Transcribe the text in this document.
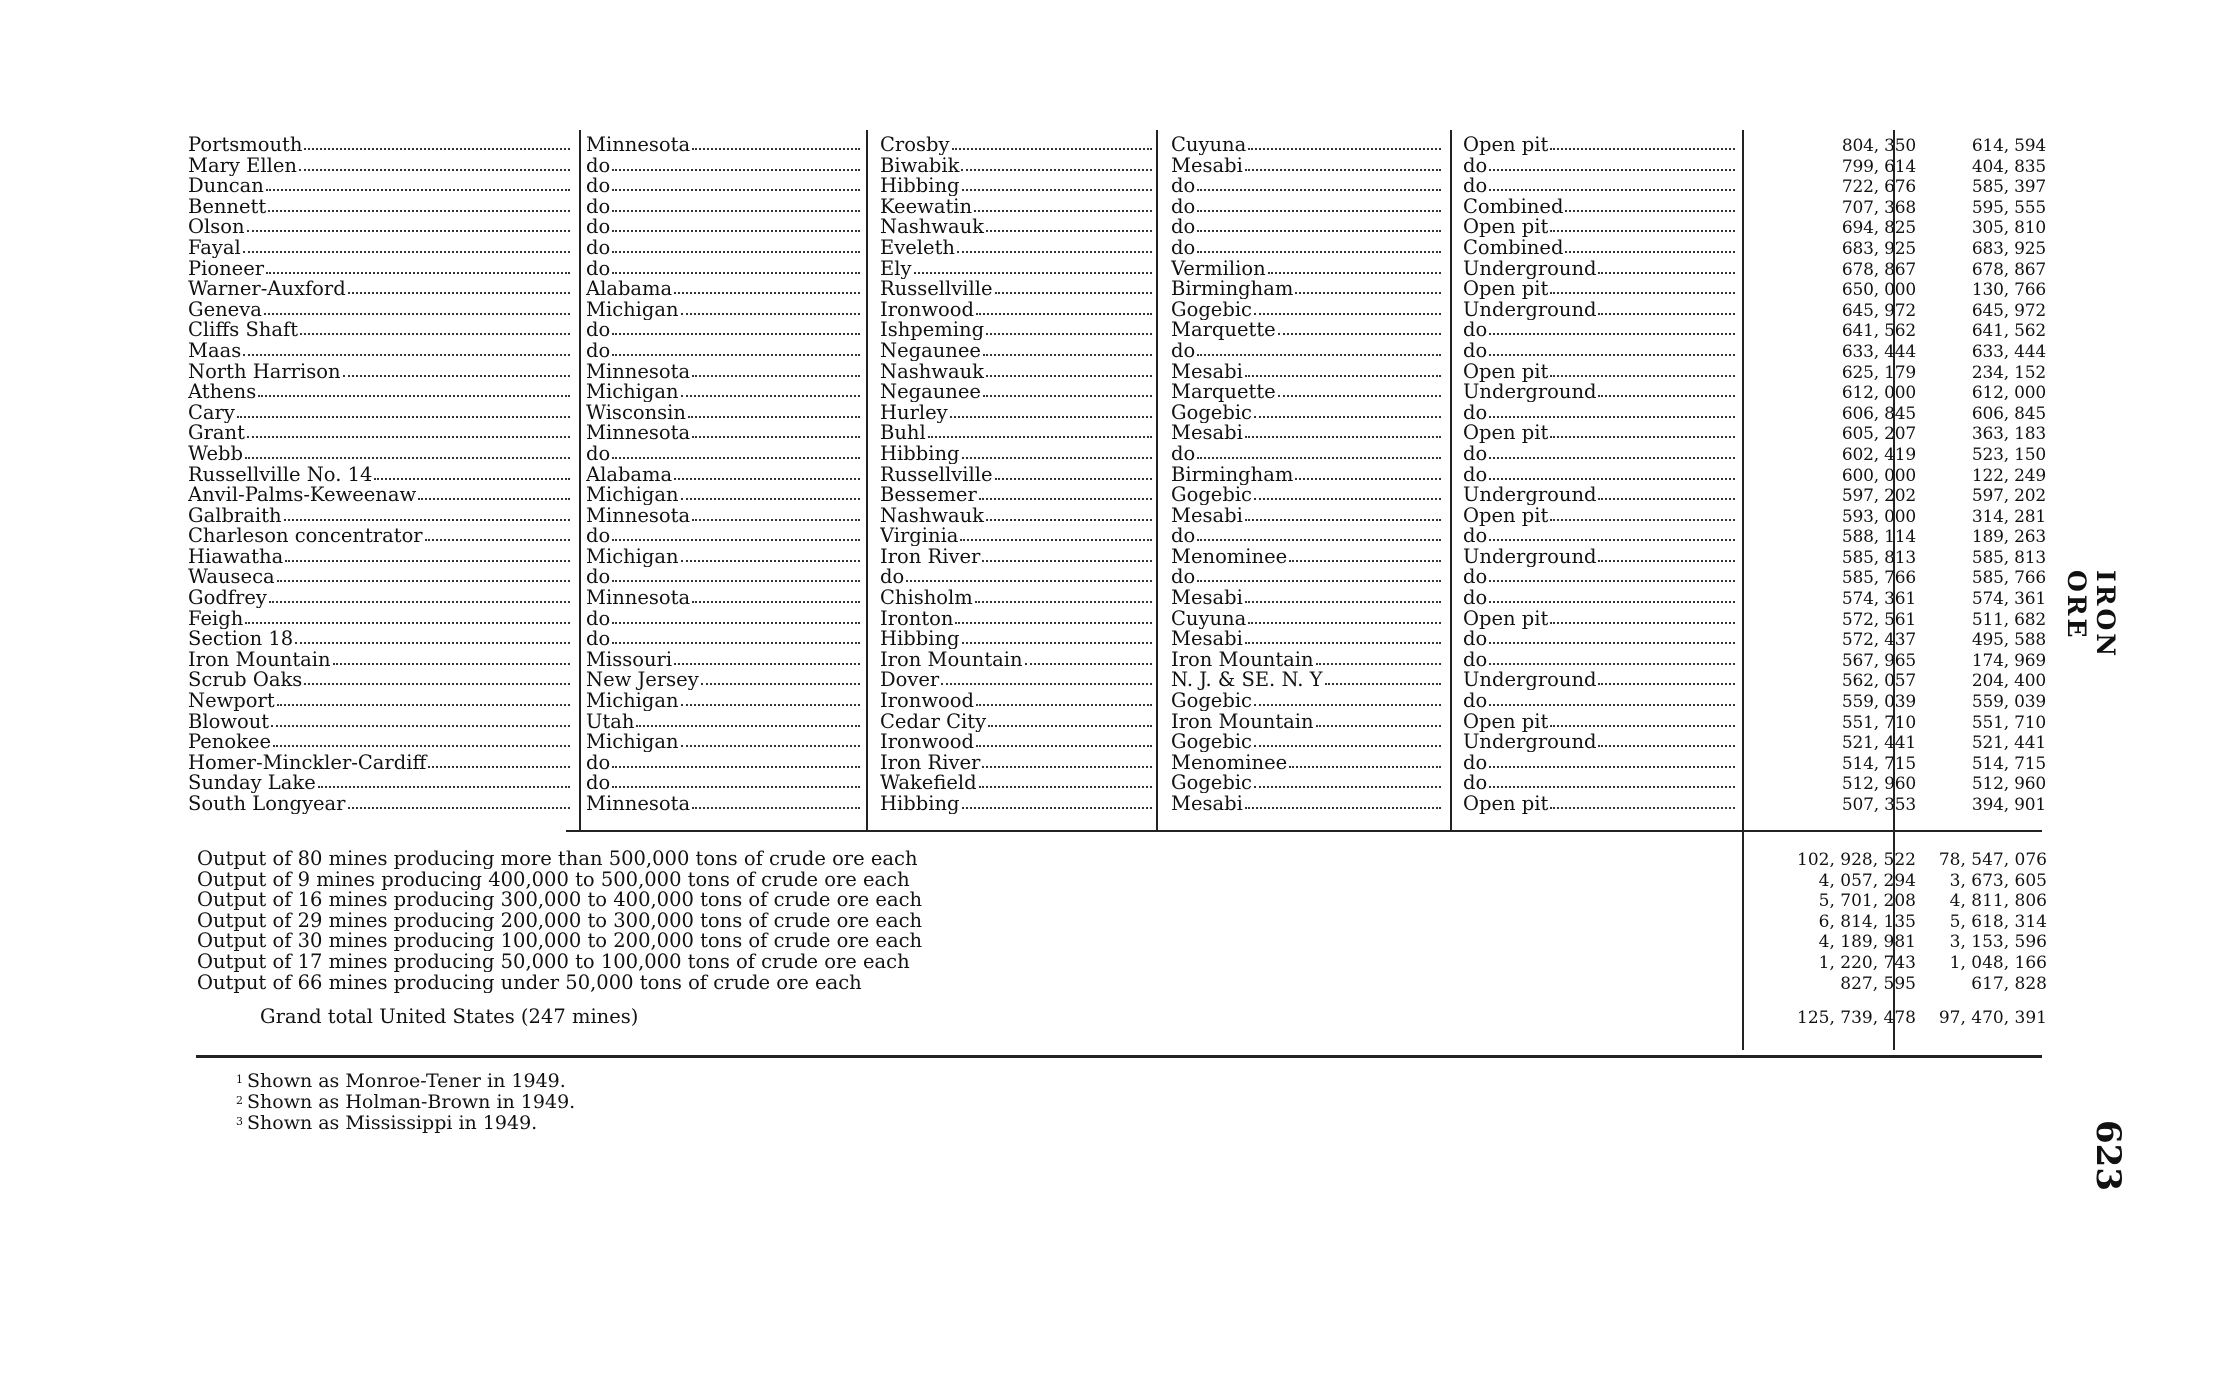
Portsmouth	Minnesota	Crosby	Cuyuna	Open pit	804, 350	614, 594
Mary Ellen	do	Biwabik	Mesabi	do	799, 614	404, 835
Duncan	do	Hibbing	do	do	722, 676	585, 397
Bennett	do	Keewatin	do	Combined	707, 368	595, 555
Olson	do	Nashwauk	do	Open pit	694, 825	305, 810
Fayal	do	Eveleth	do	Combined	683, 925	683, 925
Pioneer	do	Ely	Vermilion	Underground	678, 867	678, 867
Warner-Auxford	Alabama	Russellville	Birmingham	Open pit	650, 000	130, 766
Geneva	Michigan	Ironwood	Gogebic	Underground	645, 972	645, 972
Cliffs Shaft	do	Ishpeming	Marquette	do	641, 562	641, 562
Maas	do	Negaunee	do	do	633, 444	633, 444
North Harrison	Minnesota	Nashwauk	Mesabi	Open pit	625, 179	234, 152
Athens	Michigan	Negaunee	Marquette	Underground	612, 000	612, 000
Cary	Wisconsin	Hurley	Gogebic	do	606, 845	606, 845
Grant	Minnesota	Buhl	Mesabi	Open pit	605, 207	363, 183
Webb	do	Hibbing	do	do	602, 419	523, 150
Russellville No. 14	Alabama	Russellville	Birmingham	do	600, 000	122, 249
Anvil-Palms-Keweenaw	Michigan	Bessemer	Gogebic	Underground	597, 202	597, 202
Galbraith	Minnesota	Nashwauk	Mesabi	Open pit	593, 000	314, 281
Charleson concentrator	do	Virginia	do	do	588, 114	189, 263
Hiawatha	Michigan	Iron River	Menominee	Underground	585, 813	585, 813
Wauseca	do	do	do	do	585, 766	585, 766
Godfrey	Minnesota	Chisholm	Mesabi	do	574, 361	574, 361
Feigh	do	Ironton	Cuyuna	Open pit	572, 561	511, 682
Section 18	do	Hibbing	Mesabi	do	572, 437	495, 588
Iron Mountain	Missouri	Iron Mountain	Iron Mountain	do	567, 965	174, 969
Scrub Oaks	New Jersey	Dover	N. J. & SE. N. Y	Underground	562, 057	204, 400
Newport	Michigan	Ironwood	Gogebic	do	559, 039	559, 039
Blowout	Utah	Cedar City	Iron Mountain	Open pit	551, 710	551, 710
Penokee	Michigan	Ironwood	Gogebic	Underground	521, 441	521, 441
Homer-Minckler-Cardiff	do	Iron River	Menominee	do	514, 715	514, 715
Sunday Lake	do	Wakefield	Gogebic	do	512, 960	512, 960
South Longyear	Minnesota	Hibbing	Mesabi	Open pit	507, 353	394, 901
Output of 80 mines producing more than 500,000 tons of crude ore each	102, 928, 522	78, 547, 076
Output of 9 mines producing 400,000 to 500,000 tons of crude ore each	4, 057, 294	3, 673, 605
Output of 16 mines producing 300,000 to 400,000 tons of crude ore each	5, 701, 208	4, 811, 806
Output of 29 mines producing 200,000 to 300,000 tons of crude ore each	6, 814, 135	5, 618, 314
Output of 30 mines producing 100,000 to 200,000 tons of crude ore each	4, 189, 981	3, 153, 596
Output of 17 mines producing 50,000 to 100,000 tons of crude ore each	1, 220, 743	1, 048, 166
Output of 66 mines producing under 50,000 tons of crude ore each	827, 595	617, 828
Grand total United States (247 mines)	125, 739, 478	97, 470, 391
$^1$ Shown as Monroe-Tener in 1949.
$^2$ Shown as Holman-Brown in 1949.
$^3$ Shown as Mississippi in 1949.
IRON ORE
623
